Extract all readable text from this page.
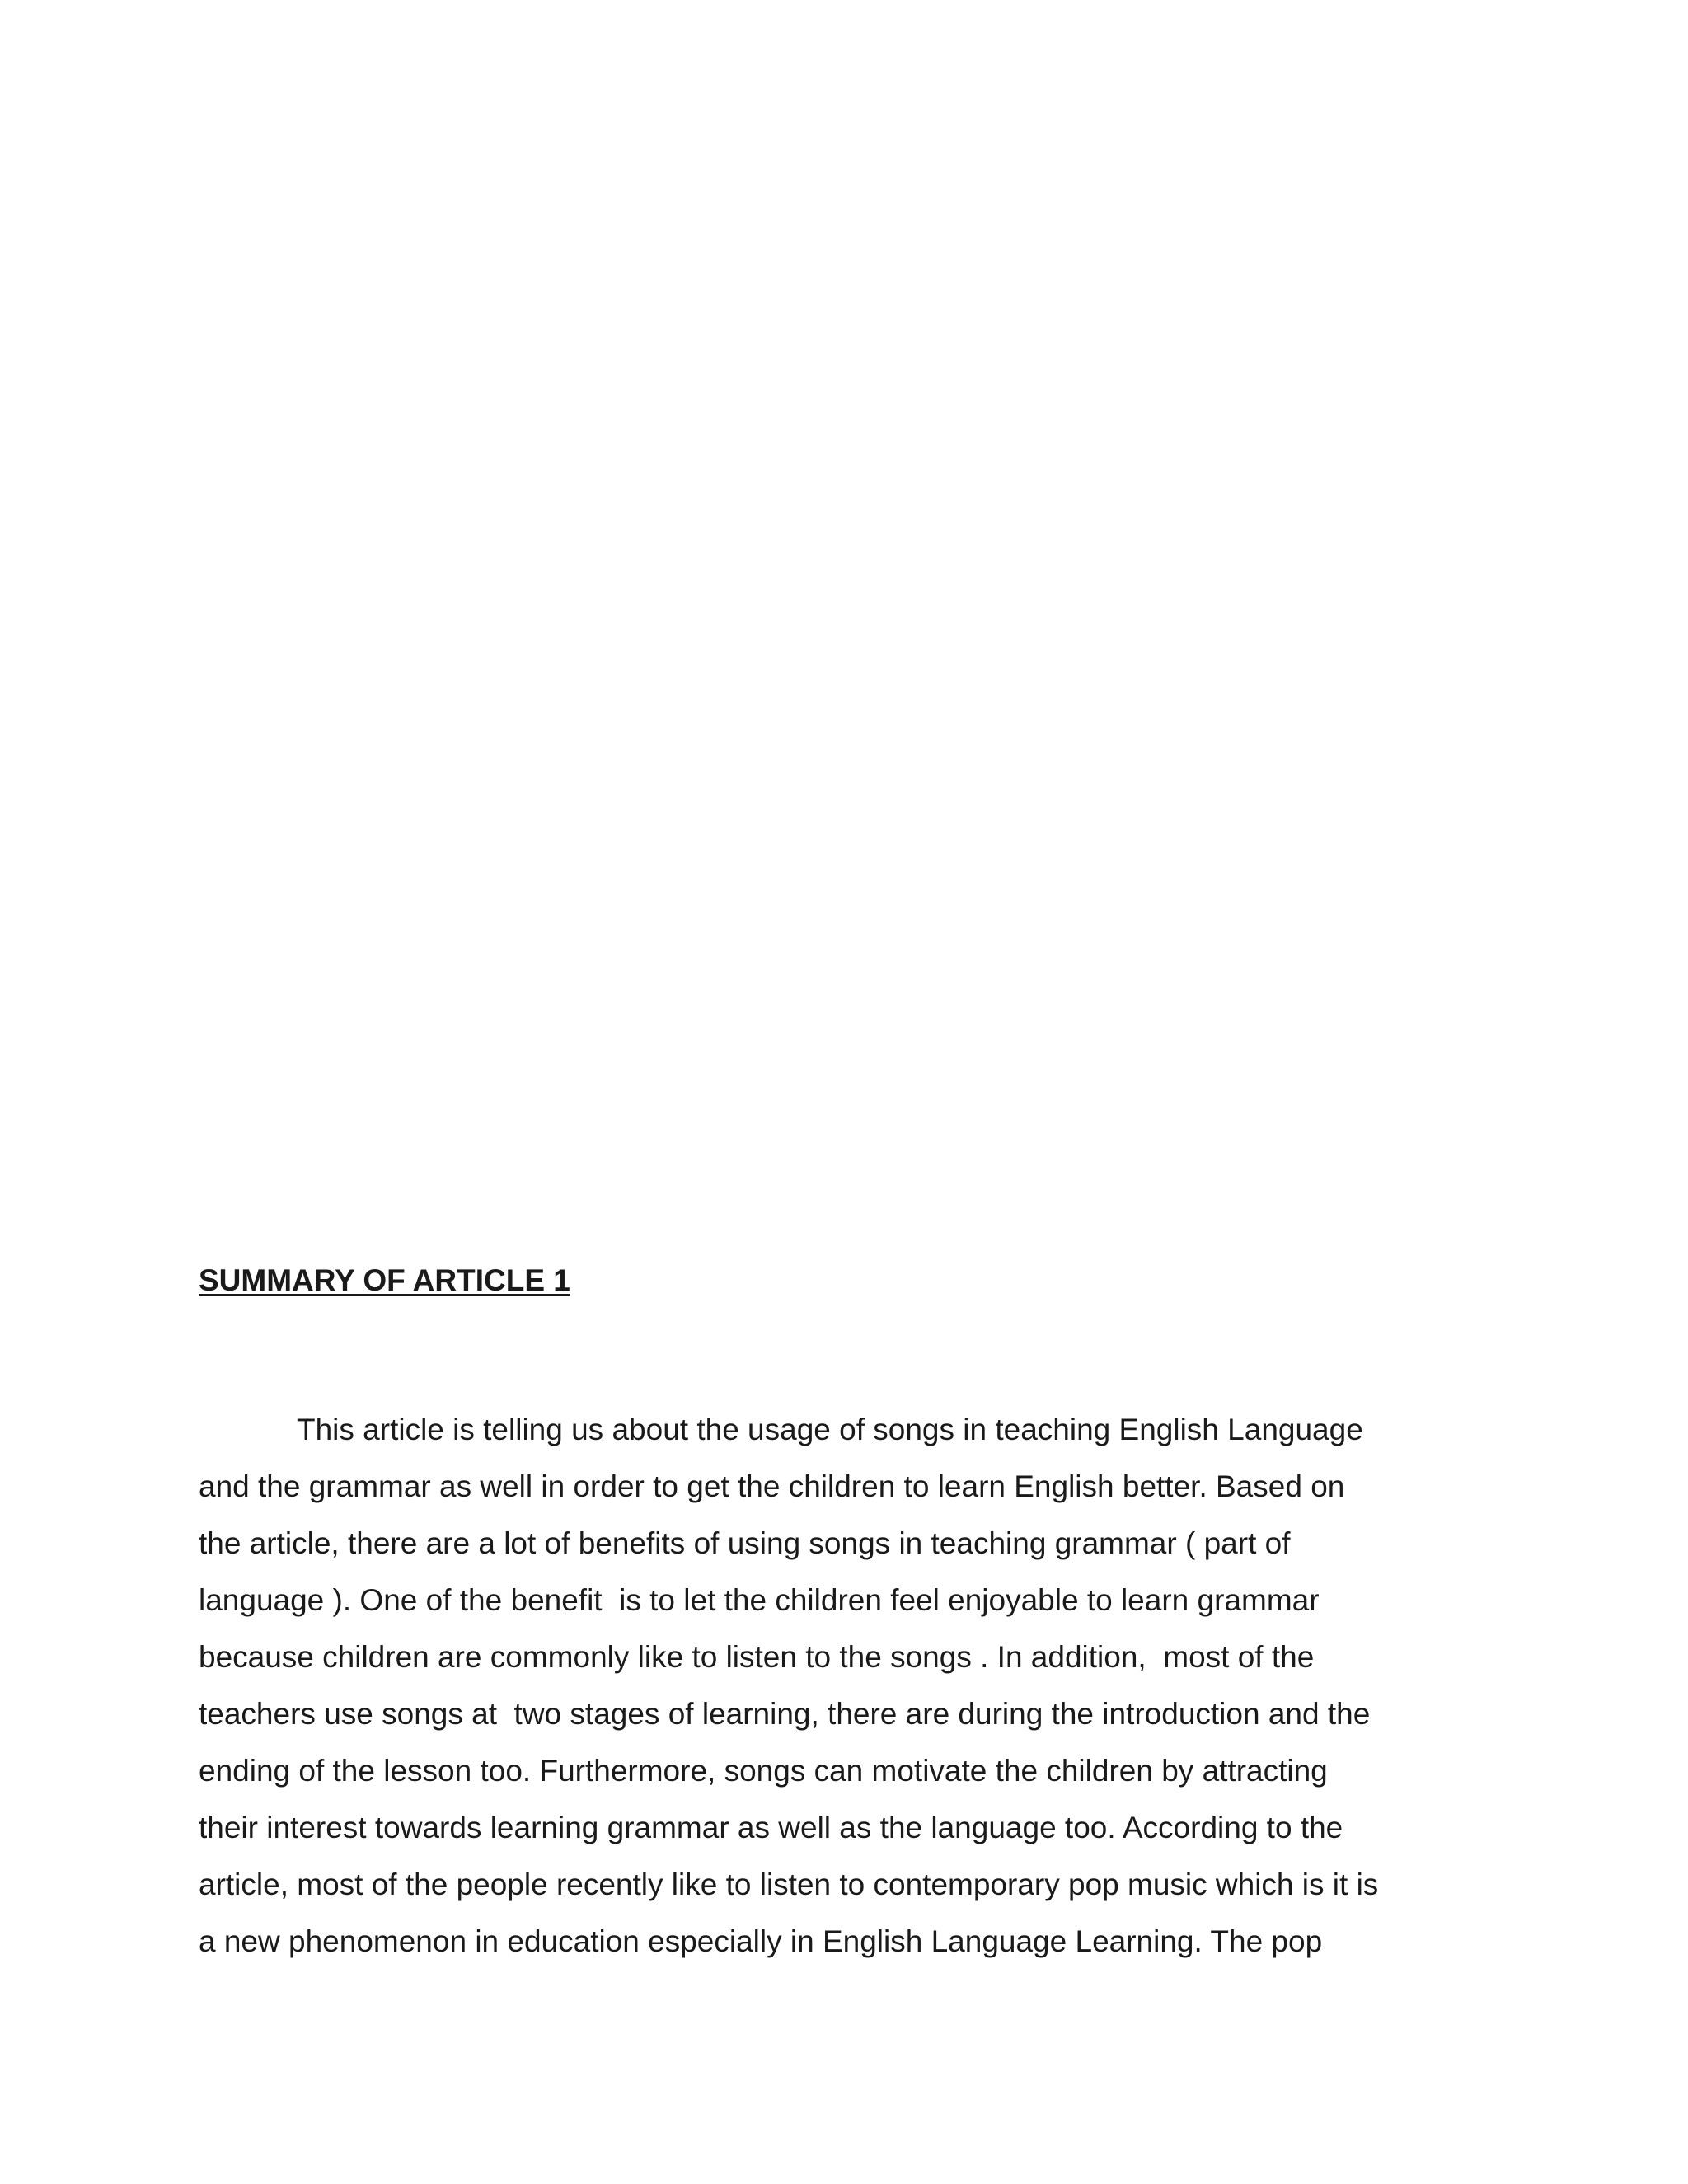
SUMMARY OF ARTICLE 1
This article is telling us about the usage of songs in teaching English Language
and the grammar as well in order to get the children to learn English better. Based on
the article, there are a lot of benefits of using songs in teaching grammar ( part of
language ). One of the benefit  is to let the children feel enjoyable to learn grammar
because children are commonly like to listen to the songs . In addition,  most of the
teachers use songs at  two stages of learning, there are during the introduction and the
ending of the lesson too. Furthermore, songs can motivate the children by attracting
their interest towards learning grammar as well as the language too. According to the
article, most of the people recently like to listen to contemporary pop music which is it is
a new phenomenon in education especially in English Language Learning. The pop
